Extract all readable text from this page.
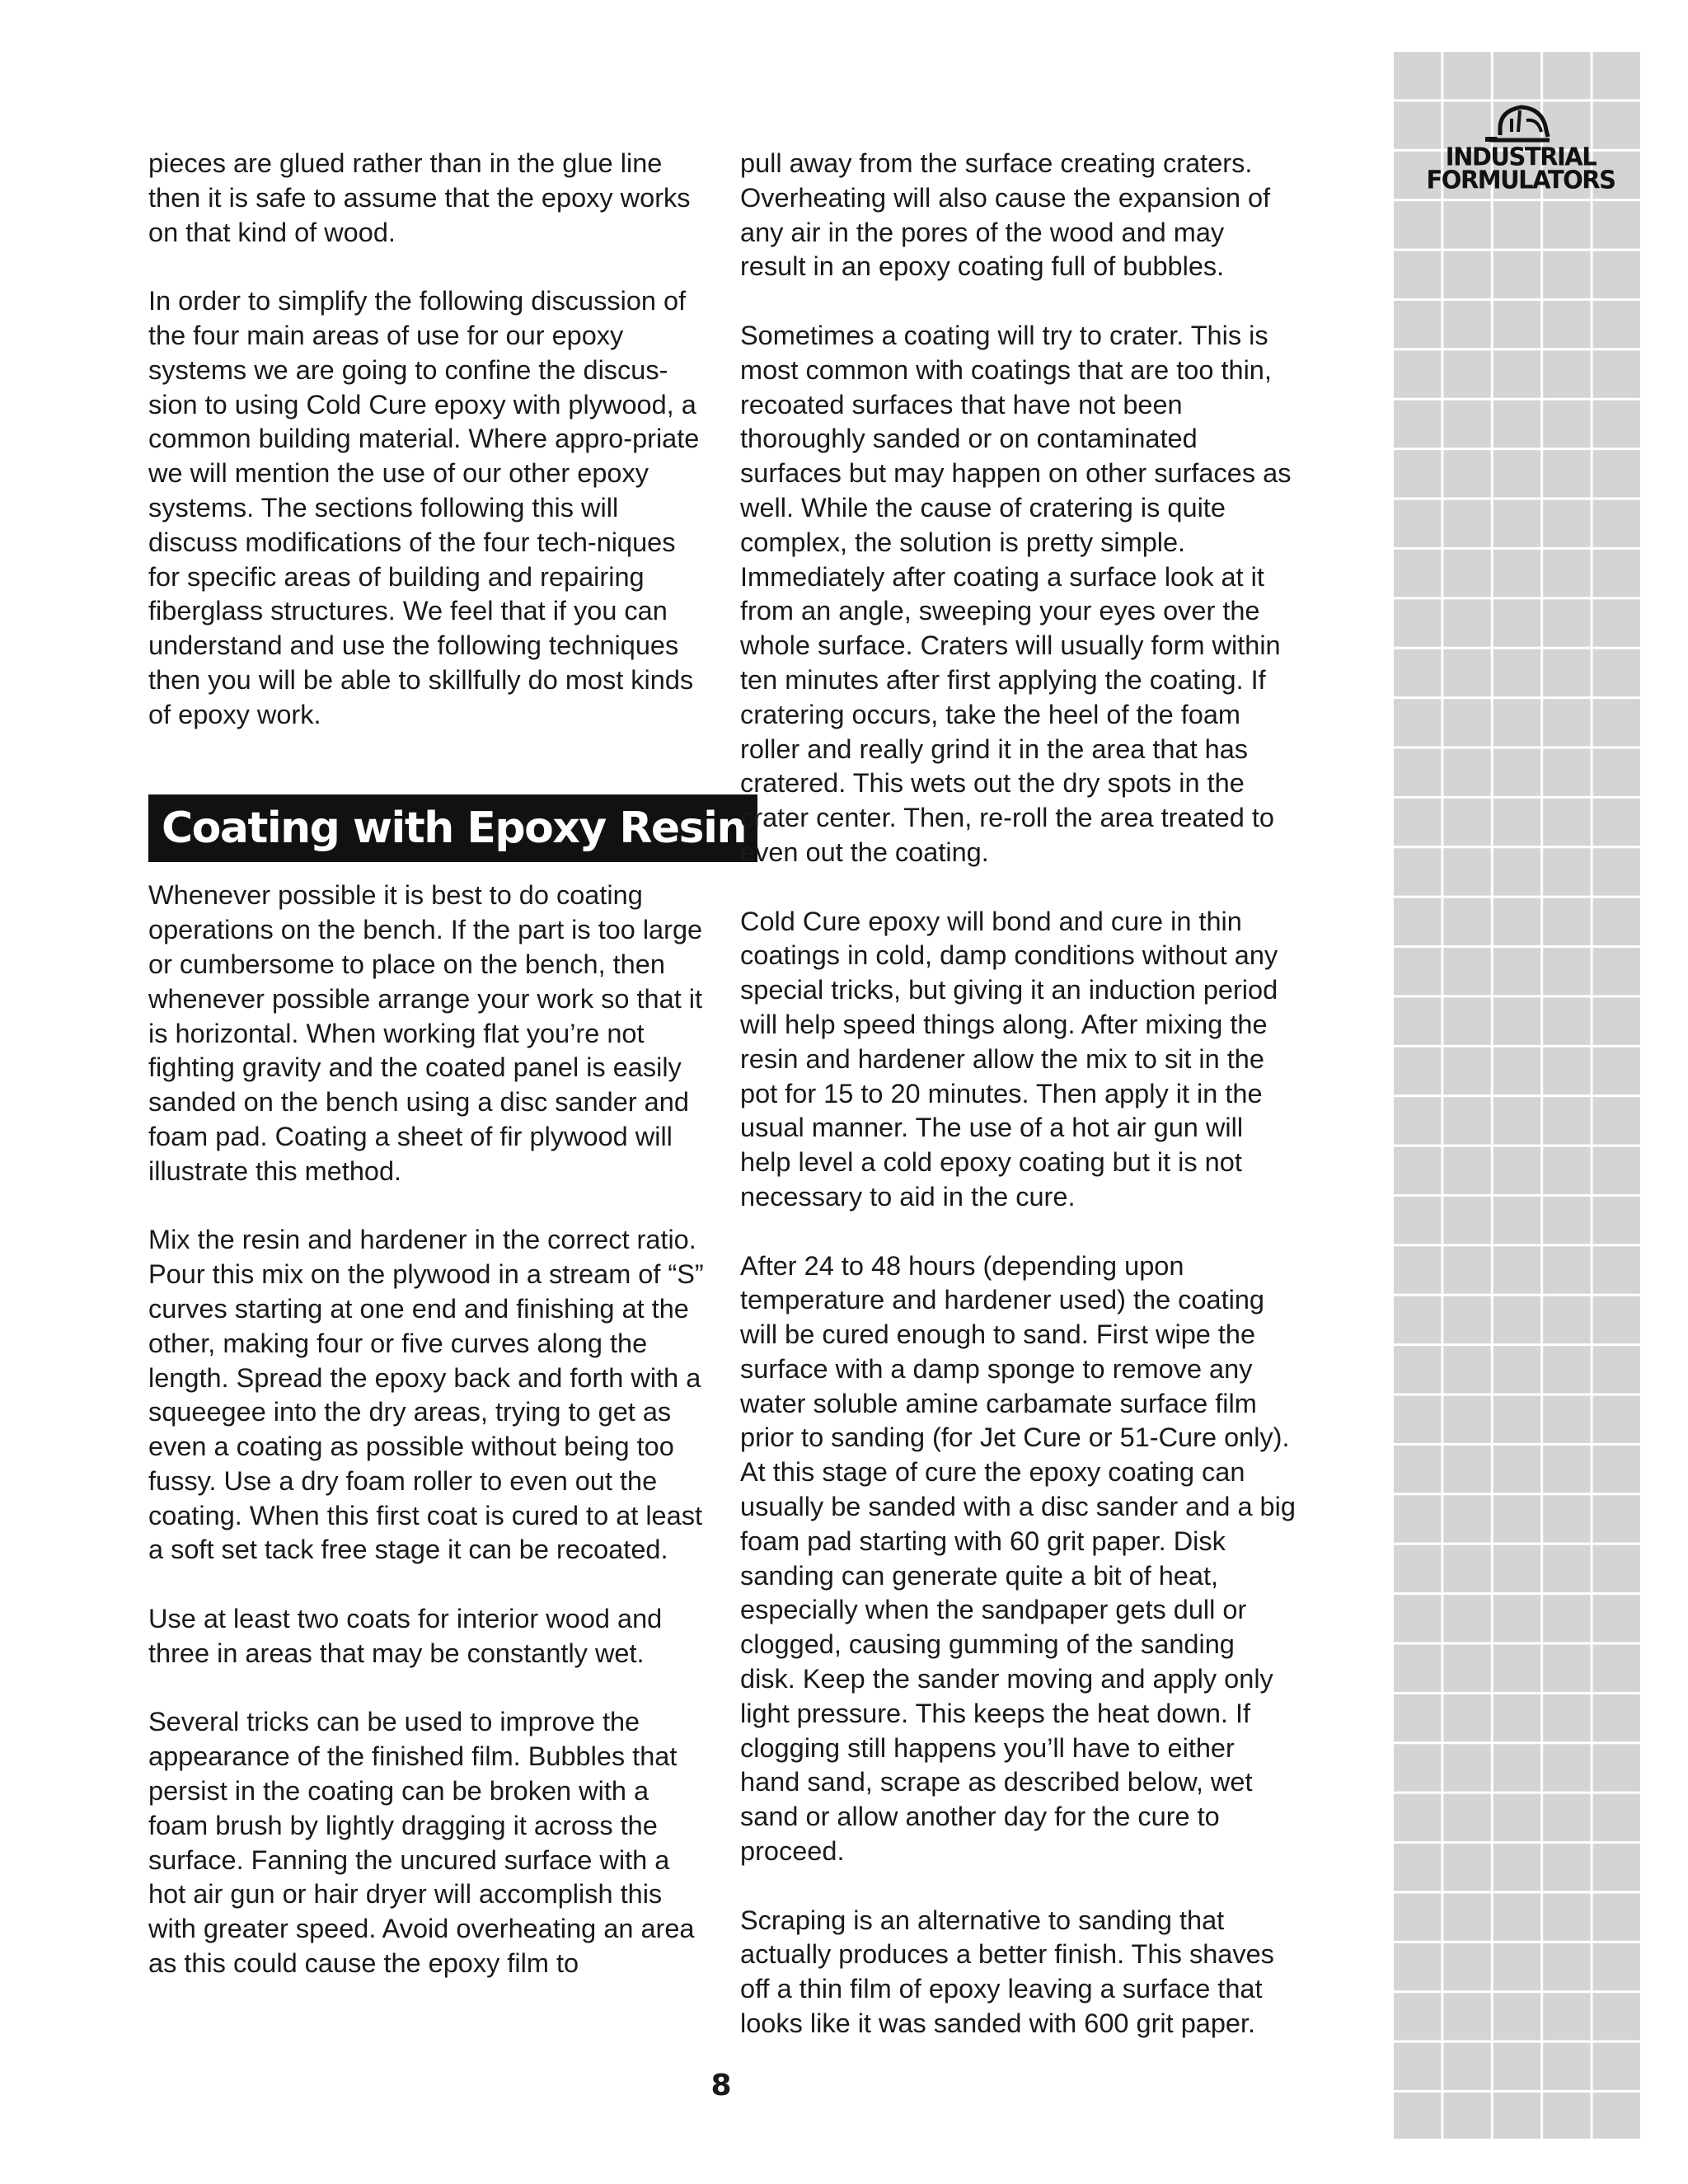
INDUSTRIAL
FORMULATORS

pieces are glued rather than in the glue line then it is safe to assume that the epoxy works on that kind of wood.

In order to simplify the following discussion of the four main areas of use for our epoxy systems we are going to confine the discus-sion to using Cold Cure epoxy with plywood, a common building material. Where appro-priate we will mention the use of our other epoxy systems. The sections following this will discuss modifications of the four tech-niques for specific areas of building and repairing fiberglass structures. We feel that if you can understand and use the following techniques then you will be able to skillfully do most kinds of epoxy work.

Coating with Epoxy Resin

Whenever possible it is best to do coating operations on the bench. If the part is too large or cumbersome to place on the bench, then whenever possible arrange your work so that it is horizontal. When working flat you’re not fighting gravity and the coated panel is easily sanded on the bench using a disc sander and foam pad. Coating a sheet of fir plywood will illustrate this method.

Mix the resin and hardener in the correct ratio. Pour this mix on the plywood in a stream of “S” curves starting at one end and finishing at the other, making four or five curves along the length. Spread the epoxy back and forth with a squeegee into the dry areas, trying to get as even a coating as possible without being too fussy. Use a dry foam roller to even out the coating. When this first coat is cured to at least a soft set tack free stage it can be recoated.

Use at least two coats for interior wood and three in areas that may be constantly wet.

Several tricks can be used to improve the appearance of the finished film. Bubbles that persist in the coating can be broken with a foam brush by lightly dragging it across the surface. Fanning the uncured surface with a hot air gun or hair dryer will accomplish this with greater speed. Avoid overheating an area as this could cause the epoxy film to

pull away from the surface creating craters. Overheating will also cause the expansion of any air in the pores of the wood and may result in an epoxy coating full of bubbles.

Sometimes a coating will try to crater. This is most common with coatings that are too thin, recoated surfaces that have not been thoroughly sanded or on contaminated surfaces but may happen on other surfaces as well. While the cause of cratering is quite complex, the solution is pretty simple. Immediately after coating a surface look at it from an angle, sweeping your eyes over the whole surface. Craters will usually form within ten minutes after first applying the coating. If cratering occurs, take the heel of the foam roller and really grind it in the area that has cratered. This wets out the dry spots in the crater center. Then, re-roll the area treated to even out the coating.

Cold Cure epoxy will bond and cure in thin coatings in cold, damp conditions without any special tricks, but giving it an induction period will help speed things along. After mixing the resin and hardener allow the mix to sit in the pot for 15 to 20 minutes. Then apply it in the usual manner. The use of a hot air gun will help level a cold epoxy coating but it is not necessary to aid in the cure.

After 24 to 48 hours (depending upon temperature and hardener used) the coating will be cured enough to sand. First wipe the surface with a damp sponge to remove any water soluble amine carbamate surface film prior to sanding (for Jet Cure or 51-Cure only). At this stage of cure the epoxy coating can usually be sanded with a disc sander and a big foam pad starting with 60 grit paper. Disk sanding can generate quite a bit of heat, especially when the sandpaper gets dull or clogged, causing gumming of the sanding disk. Keep the sander moving and apply only light pressure. This keeps the heat down. If clogging still happens you’ll have to either hand sand, scrape as described below, wet sand or allow another day for the cure to proceed.

Scraping is an alternative to sanding that actually produces a better finish. This shaves off a thin film of epoxy leaving a surface that looks like it was sanded with 600 grit paper.

8
